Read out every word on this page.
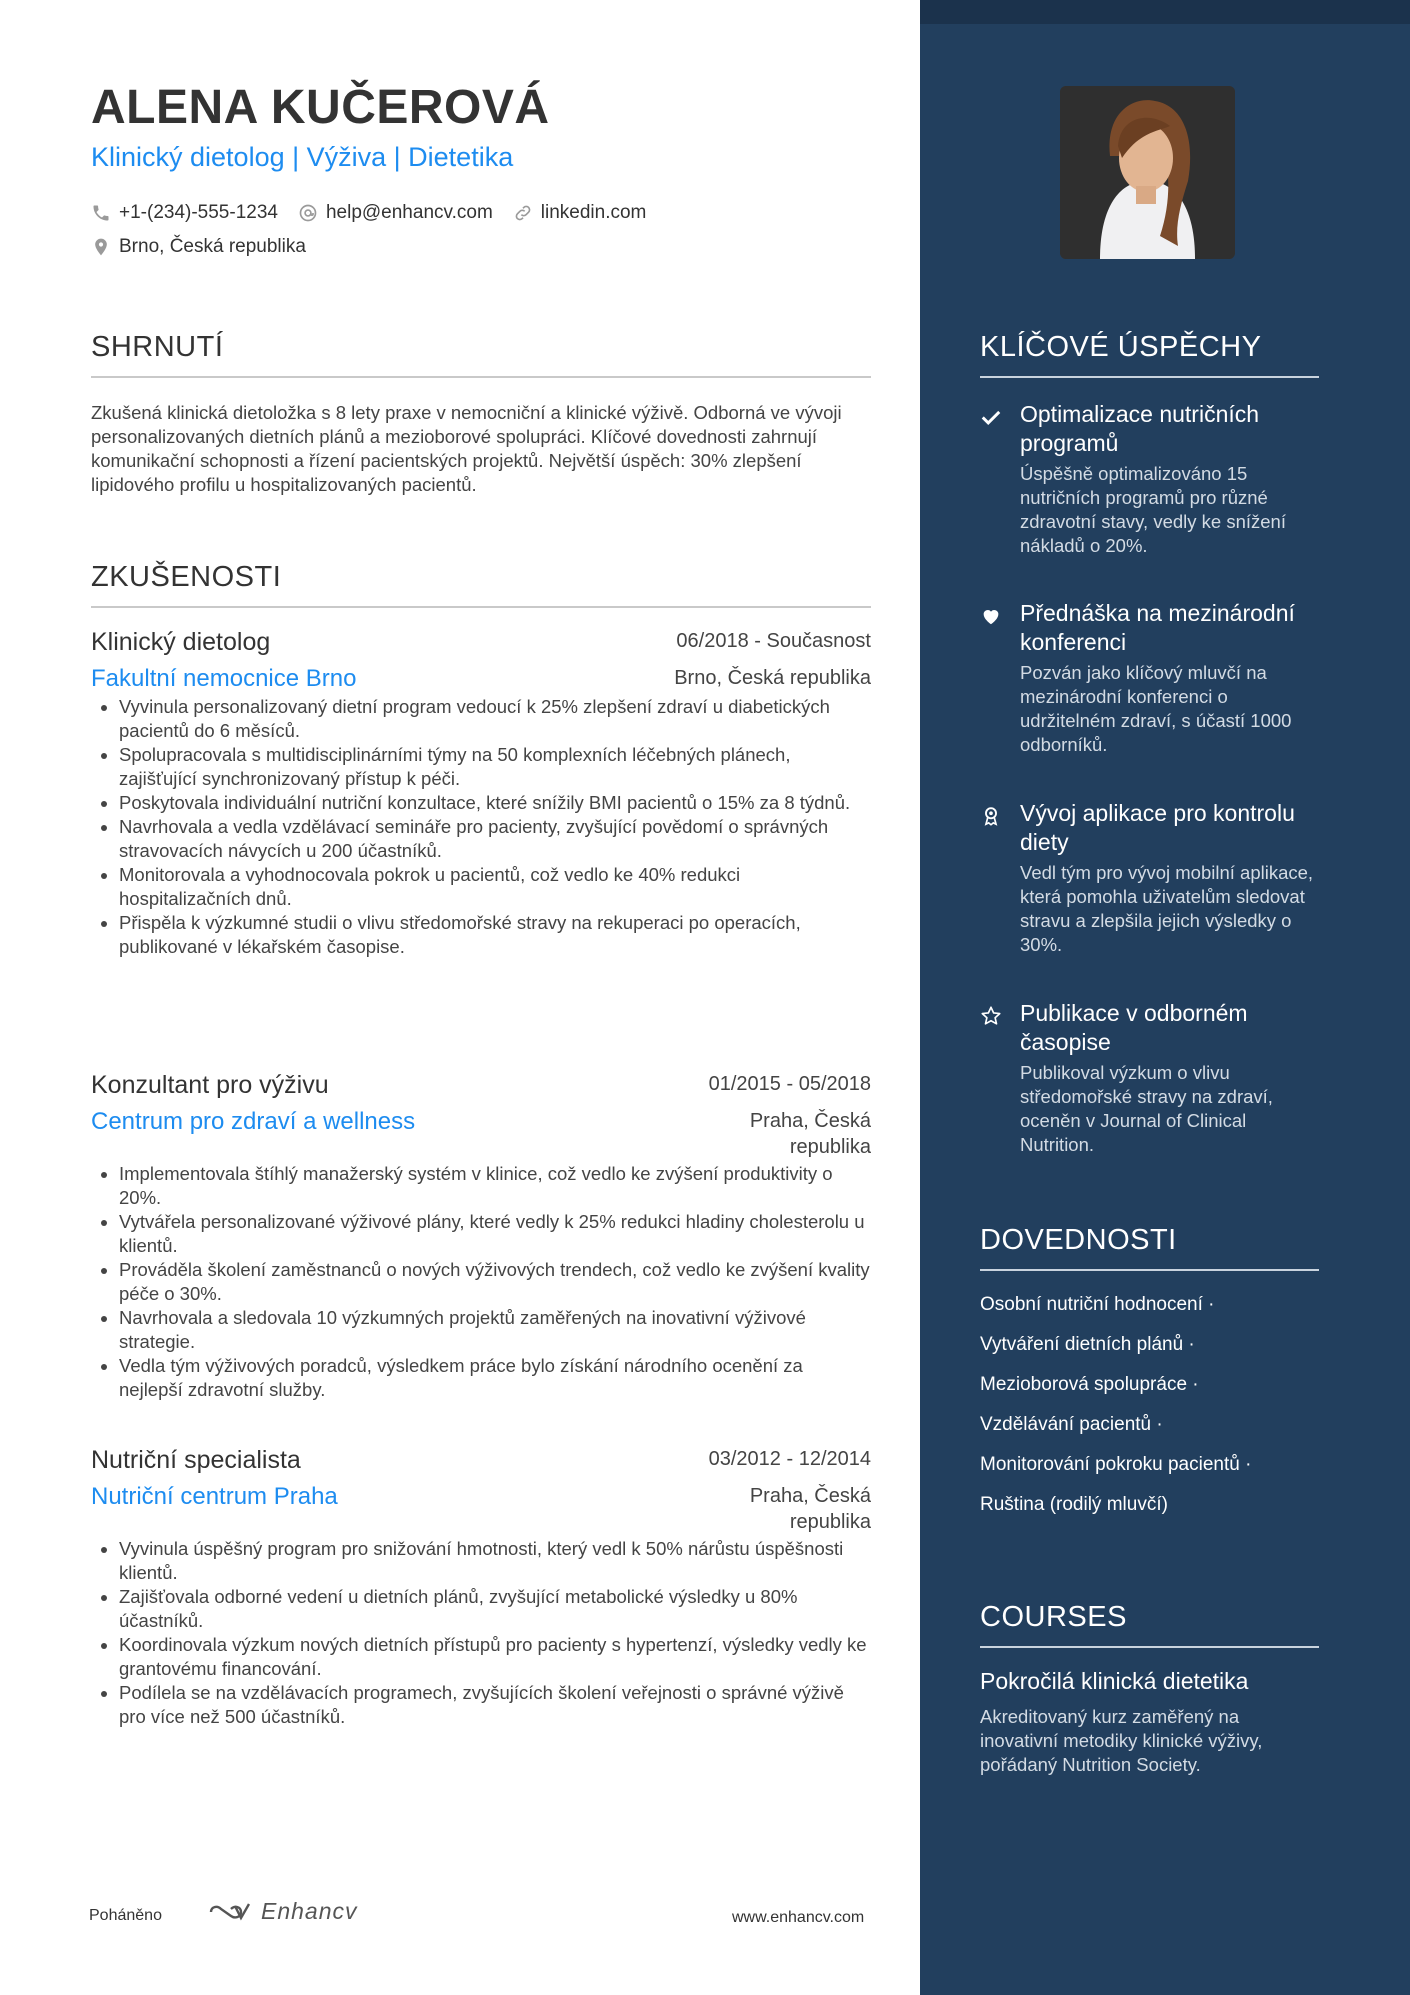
ALENA KUČEROVÁ
Klinický dietolog | Výživa | Dietetika
+1-(234)-555-1234	help@enhancv.com	linkedin.com
Brno, Česká republika
SHRNUTÍ
Zkušená klinická dietoložka s 8 lety praxe v nemocniční a klinické výživě. Odborná ve vývoji personalizovaných dietních plánů a mezioborové spolupráci. Klíčové dovednosti zahrnují komunikační schopnosti a řízení pacientských projektů. Největší úspěch: 30% zlepšení lipidového profilu u hospitalizovaných pacientů.
ZKUŠENOSTI
Klinický dietolog	06/2018 - Současnost
Fakultní nemocnice Brno	Brno, Česká republika
• Vyvinula personalizovaný dietní program vedoucí k 25% zlepšení zdraví u diabetických pacientů do 6 měsíců.
• Spolupracovala s multidisciplinárními týmy na 50 komplexních léčebných plánech, zajišťující synchronizovaný přístup k péči.
• Poskytovala individuální nutriční konzultace, které snížily BMI pacientů o 15% za 8 týdnů.
• Navrhovala a vedla vzdělávací semináře pro pacienty, zvyšující povědomí o správných stravovacích návycích u 200 účastníků.
• Monitorovala a vyhodnocovala pokrok u pacientů, což vedlo ke 40% redukci hospitalizačních dnů.
• Přispěla k výzkumné studii o vlivu středomořské stravy na rekuperaci po operacích, publikované v lékařském časopise.
Konzultant pro výživu	01/2015 - 05/2018
Centrum pro zdraví a wellness	Praha, Česká republika
• Implementovala štíhlý manažerský systém v klinice, což vedlo ke zvýšení produktivity o 20%.
• Vytvářela personalizované výživové plány, které vedly k 25% redukci hladiny cholesterolu u klientů.
• Prováděla školení zaměstnanců o nových výživových trendech, což vedlo ke zvýšení kvality péče o 30%.
• Navrhovala a sledovala 10 výzkumných projektů zaměřených na inovativní výživové strategie.
• Vedla tým výživových poradců, výsledkem práce bylo získání národního ocenění za nejlepší zdravotní služby.
Nutriční specialista	03/2012 - 12/2014
Nutriční centrum Praha	Praha, Česká republika
• Vyvinula úspěšný program pro snižování hmotnosti, který vedl k 50% nárůstu úspěšnosti klientů.
• Zajišťovala odborné vedení u dietních plánů, zvyšující metabolické výsledky u 80% účastníků.
• Koordinovala výzkum nových dietních přístupů pro pacienty s hypertenzí, výsledky vedly ke grantovému financování.
• Podílela se na vzdělávacích programech, zvyšujících školení veřejnosti o správné výživě pro více než 500 účastníků.
Poháněno	Enhancv	www.enhancv.com
KLÍČOVÉ ÚSPĚCHY
Optimalizace nutričních programů
Úspěšně optimalizováno 15 nutričních programů pro různé zdravotní stavy, vedly ke snížení nákladů o 20%.
Přednáška na mezinárodní konferenci
Pozván jako klíčový mluvčí na mezinárodní konferenci o udržitelném zdraví, s účastí 1000 odborníků.
Vývoj aplikace pro kontrolu diety
Vedl tým pro vývoj mobilní aplikace, která pomohla uživatelům sledovat stravu a zlepšila jejich výsledky o 30%.
Publikace v odborném časopise
Publikoval výzkum o vlivu středomořské stravy na zdraví, oceněn v Journal of Clinical Nutrition.
DOVEDNOSTI
Osobní nutriční hodnocení ·
Vytváření dietních plánů ·
Mezioborová spolupráce ·
Vzdělávání pacientů ·
Monitorování pokroku pacientů ·
Ruština (rodilý mluvčí)
COURSES
Pokročilá klinická dietetika
Akreditovaný kurz zaměřený na inovativní metodiky klinické výživy, pořádaný Nutrition Society.
